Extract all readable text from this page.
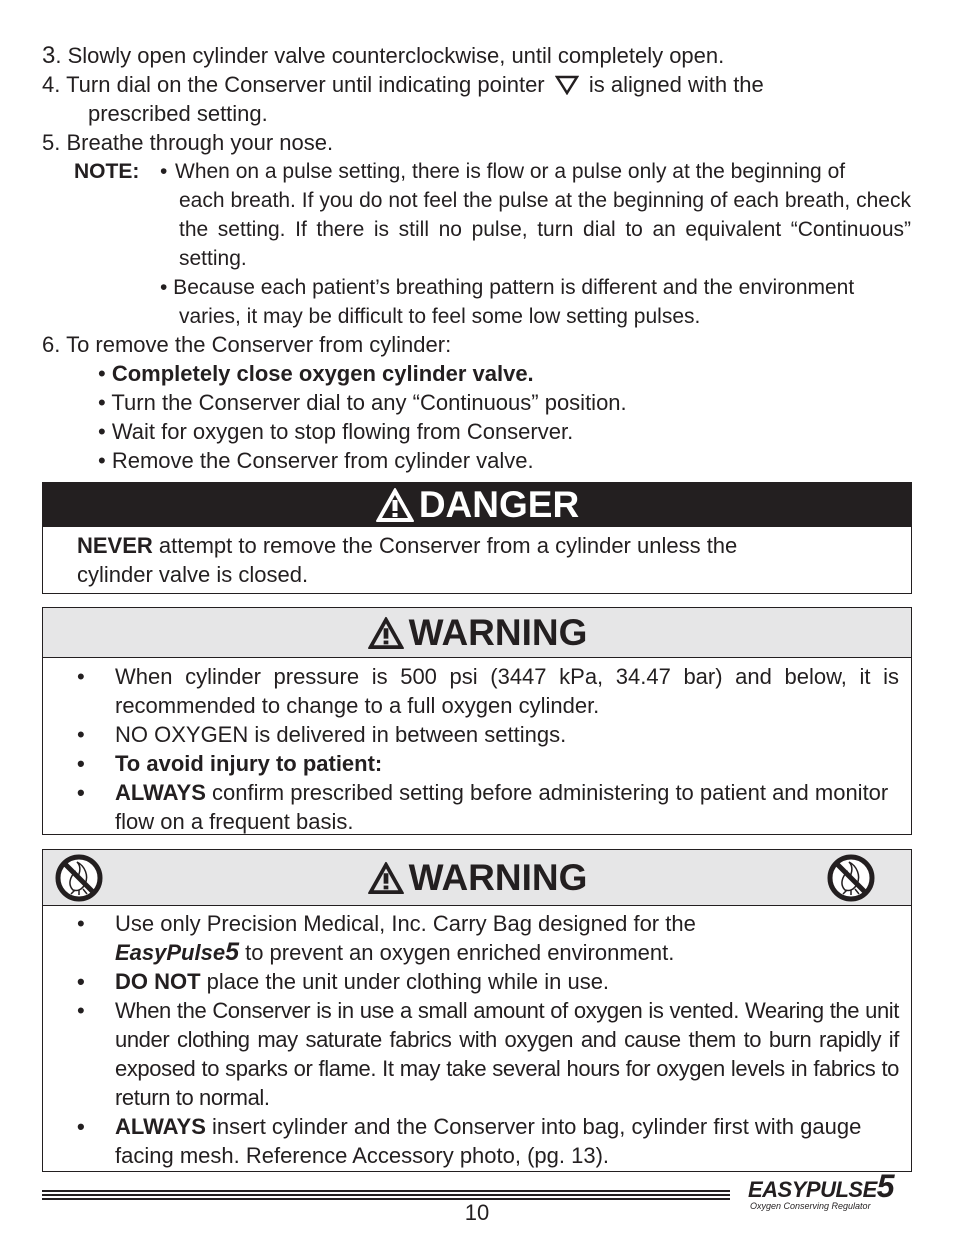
3. Slowly open cylinder valve counterclockwise, until completely open.
4. Turn dial on the Conserver until indicating pointer is aligned with the
prescribed setting.
5. Breathe through your nose.
NOTE: • When on a pulse setting, there is flow or a pulse only at the beginning of
each breath. If you do not feel the pulse at the beginning of each breath, check the setting. If there is still no pulse, turn dial to an equivalent “Continuous” setting.
• Because each patient’s breathing pattern is different and the environment
varies, it may be difficult to feel some low setting pulses.
6. To remove the Conserver from cylinder:
• Completely close oxygen cylinder valve.
• Turn the Conserver dial to any “Continuous” position.
• Wait for oxygen to stop flowing from Conserver.
• Remove the Conserver from cylinder valve.
DANGER
NEVER attempt to remove the Conserver from a cylinder unless the
cylinder valve is closed.
WARNING
• When cylinder pressure is 500 psi (3447 kPa, 34.47 bar) and below, it is recommended to change to a full oxygen cylinder.
• NO OXYGEN is delivered in between settings.
• To avoid injury to patient:
• ALWAYS confirm prescribed setting before administering to patient and monitor flow on a frequent basis.
WARNING
• Use only Precision Medical, Inc. Carry Bag designed for the
EasyPulse5 to prevent an oxygen enriched environment.
• DO NOT place the unit under clothing while in use.
• When the Conserver is in use a small amount of oxygen is vented. Wearing the unit under clothing may saturate fabrics with oxygen and cause them to burn rapidly if exposed to sparks or flame. It may take several hours for oxygen levels in fabrics to return to normal.
• ALWAYS insert cylinder and the Conserver into bag, cylinder first with gauge facing mesh. Reference Accessory photo, (pg. 13).
10
EASYPULSE5
Oxygen Conserving Regulator
